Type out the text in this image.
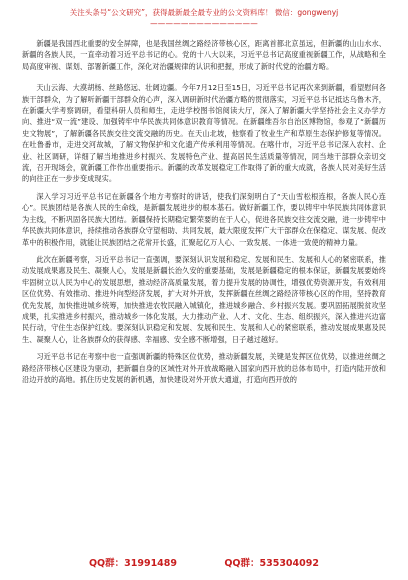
关注头条号“公文研究”，获得最新最全最专业的公文资料库！ 微信：gongwenyj
——————————————

新疆是我国西北重要的安全屏障，也是我国丝绸之路经济带核心区，距离首都北京虽远，但新疆的山山水水、新疆的各族人民，一直牵动着习近平总书记的心。党的十八大以来，习近平总书记高度重视新疆工作，从战略和全局高度审视、谋划、部署新疆工作，深化对治疆规律的认识和把握，形成了新时代党的治疆方略。

天山云海、大漠胡杨、丝路悠远、壮阔边疆。今年7月12日至15日，习近平总书记再次来到新疆，看望慰问各族干部群众，为了解听新疆干部群众的心声，深入调研新时代治疆方略的贯彻落实，习近平总书记抵达乌鲁木齐，在新疆大学考察调研，看望科研人员和师生，走进学校图书馆阅读大厅，深入了解新疆大学坚持社会主义办学方向、推进“双一流”建设、加强铸牢中华民族共同体意识教育等情况。在新疆维吾尔自治区博物馆，参观了“新疆历史文物展”，了解新疆各民族交往交流交融的历史。在天山北坡，他察看了牧业生产和草原生态保护修复等情况。在吐鲁番市，走进交河故城，了解文物保护和文化遗产传承利用等情况。在喀什市，习近平总书记深入农村、企业、社区调研，详细了解当地推进乡村振兴、发展特色产业、提高居民生活质量等情况，同当地干部群众亲切交流，召开现场会，就新疆工作作出重要指示。新疆的改革发展稳定工作取得了新的重大成就，各族人民对美好生活的向往正在一步步变成现实。

深入学习习近平总书记在新疆各个地方考察时的讲话，使我们深刻明白了“天山雪松根连根，各族人民心连心”。民族团结是各族人民的生命线，是新疆发展进步的根本基石。做好新疆工作，要以铸牢中华民族共同体意识为主线，不断巩固各民族大团结。新疆保持长期稳定繁荣要的在于人心，促进各民族交往交流交融，进一步铸牢中华民族共同体意识，持续推动各族群众守望相助、共同发展，最大限度发挥广大干部群众在保稳定、谋发展、促改革中的积极作用，就能让民族团结之花常开长盛，汇聚起亿万人心、一致发展、一体进一致使的精神力量。

此次在新疆考察，习近平总书记一直强调，要深刻认识发展和稳定、发展和民生、发展和人心的紧密联系，推动发展成果惠及民生、凝聚人心，发展是新疆长治久安的重要基础，发展是新疆稳定的根本保证，新疆发展要始终牢固树立以人民为中心的发展思想，推动经济高质量发展，着力提升发展的协调性，增强优势资源开发，有效利用区位优势、有效推动、推进外向型经济发展，扩大对外开放，发挥新疆在丝绸之路经济带核心区的作用，坚持教育优先发展，加快推进城乡统筹，加快推进农牧民融入城镇化，推进城乡融合、乡村振兴发展。要巩固拓展脱贫攻坚成果，扎实推进乡村振兴，推动城乡一体化发展，大力推动产业、人才、文化、生态、组织振兴，深入推进兴边富民行动，守住生态保护红线。要深刻认识稳定和发展、发展和民生、发展和人心的紧密联系，推动发展成果惠及民生、凝聚人心，让各族群众的获得感、幸福感、安全感不断增强，日子越过越好。

习近平总书记在考察中也一直强调新疆的特殊区位优势，推动新疆发展，关键是发挥区位优势，以推进丝绸之路经济带核心区建设为驱动，把新疆自身的区域性对外开放战略融入国家向西开放的总体布局中，打造内陆开放和沿边开放的高地。抓住历史发展的新机遇，加快建设对外开放大通道，打造向西开放的

QQ群：31991489	QQ群：535304092
